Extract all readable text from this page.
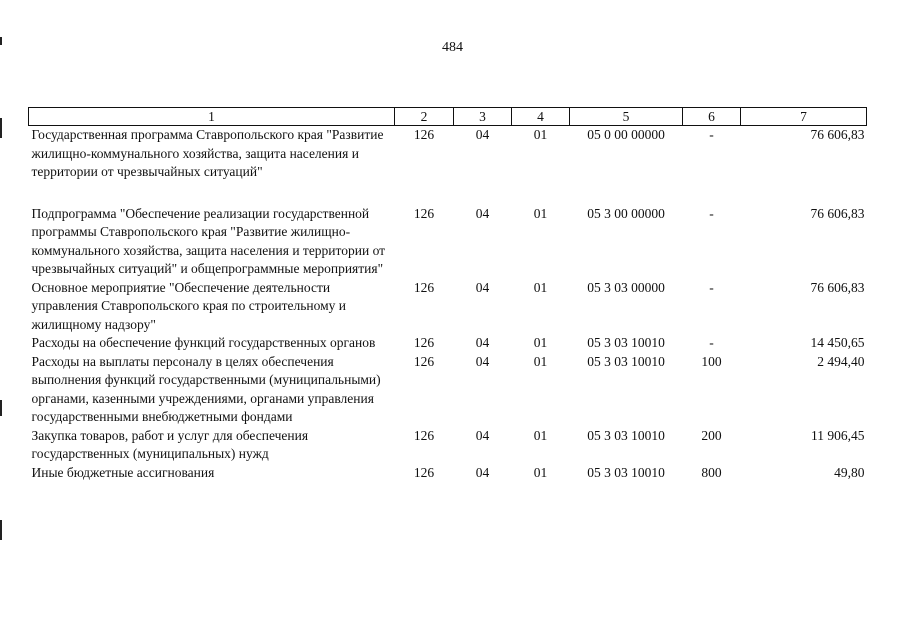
484
1	2	3	4	5	6	7
Государственная программа Ставропольского края "Развитие жилищно-коммунального хозяйства, защита населения и территории от чрезвычайных ситуаций"	126	04	01	05 0 00 00000	-	76 606,83
Подпрограмма "Обеспечение реализации государственной программы Ставропольского края "Развитие жилищно-коммунального хозяйства, защита населения и территории от чрезвычайных ситуаций" и общепрограммные мероприятия"	126	04	01	05 3 00 00000	-	76 606,83
Основное мероприятие "Обеспечение деятельности управления Ставропольского края по строительному и жилищному надзору"	126	04	01	05 3 03 00000	-	76 606,83
Расходы на обеспечение функций государственных органов	126	04	01	05 3 03 10010	-	14 450,65
Расходы на выплаты персоналу в целях обеспечения выполнения функций государственными (муниципальными) органами, казенными учреждениями, органами управления государственными внебюджетными фондами	126	04	01	05 3 03 10010	100	2 494,40
Закупка товаров, работ и услуг для обеспечения государственных (муниципальных) нужд	126	04	01	05 3 03 10010	200	11 906,45
Иные бюджетные ассигнования	126	04	01	05 3 03 10010	800	49,80
